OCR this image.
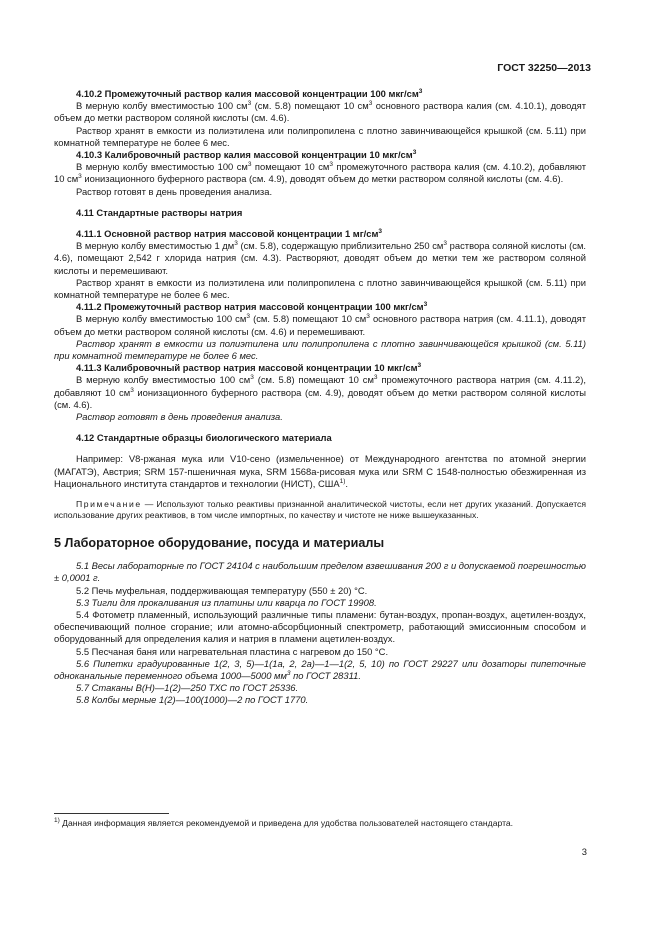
ГОСТ 32250—2013

4.10.2 Промежуточный раствор калия массовой концентрации 100 мкг/$см^3$

В мерную колбу вместимостью 100 $см^3$ (см. 5.8) помещают 10 $см^3$ основного раствора калия (см. 4.10.1), доводят объем до метки раствором соляной кислоты (см. 4.6).

Раствор хранят в емкости из полиэтилена или полипропилена с плотно завинчивающейся крышкой (см. 5.11) при комнатной температуре не более 6 мес.

4.10.3 Калибровочный раствор калия массовой концентрации 10 мкг/$см^3$

В мерную колбу вместимостью 100 $см^3$ помещают 10 $см^3$ промежуточного раствора калия (см. 4.10.2), добавляют 10 $см^3$ ионизационного буферного раствора (см. 4.9), доводят объем до метки раствором соляной кислоты (см. 4.6).

Раствор готовят в день проведения анализа.

4.11 Стандартные растворы натрия

4.11.1 Основной раствор натрия массовой концентрации 1 $мг/см^3$

В мерную колбу вместимостью 1 $дм^3$ (см. 5.8), содержащую приблизительно 250 $см^3$ раствора соляной кислоты (см. 4.6), помещают 2,542 г хлорида натрия (см. 4.3). Растворяют, доводят объем до метки тем же раствором соляной кислоты и перемешивают.

Раствор хранят в емкости из полиэтилена или полипропилена с плотно завинчивающейся крышкой (см. 5.11) при комнатной температуре не более 6 мес.

4.11.2 Промежуточный раствор натрия массовой концентрации 100 мкг/$см^3$

В мерную колбу вместимостью 100 $см^3$ (см. 5.8) помещают 10 $см^3$ основного раствора натрия (см. 4.11.1), доводят объем до метки раствором соляной кислоты (см. 4.6) и перемешивают.

Раствор хранят в емкости из полиэтилена или полипропилена с плотно завинчивающейся крышкой (см. 5.11) при комнатной температуре не более 6 мес.

4.11.3 Калибровочный раствор натрия массовой концентрации 10 мкг/$см^3$

В мерную колбу вместимостью 100 $см^3$ (см. 5.8) помещают 10 $см^3$ промежуточного раствора натрия (см. 4.11.2), добавляют 10 $см^3$ ионизационного буферного раствора (см. 4.9), доводят объем до метки раствором соляной кислоты (см. 4.6).

Раствор готовят в день проведения анализа.

4.12 Стандартные образцы биологического материала

Например: V8-ржаная мука или V10-сено (измельченное) от Международного агентства по атомной энергии (МАГАТЭ), Австрия; SRM 157-пшеничная мука, SRM 1568a-рисовая мука или SRM C 1548-полностью обезжиренная из Национального института стандартов и технологии (НИСТ), США$^{1)}$.

Примечание — Используют только реактивы признанной аналитической чистоты, если нет других указаний. Допускается использование других реактивов, в том числе импортных, по качеству и чистоте не ниже вышеуказанных.

5 Лабораторное оборудование, посуда и материалы

5.1 Весы лабораторные по ГОСТ 24104 с наибольшим пределом взвешивания 200 г и допускаемой погрешностью ± 0,0001 г.

5.2 Печь муфельная, поддерживающая температуру (550 ± 20) °С.

5.3 Тигли для прокаливания из платины или кварца по ГОСТ 19908.

5.4 Фотометр пламенный, использующий различные типы пламени: бутан-воздух, пропан-воздух, ацетилен-воздух, обеспечивающий полное сгорание; или атомно-абсорбционный спектрометр, работающий эмиссионным способом и оборудованный для определения калия и натрия в пламени ацетилен-воздух.

5.5 Песчаная баня или нагревательная пластина с нагревом до 150 °С.

5.6 Пипетки градуированные 1(2, 3, 5)—1(1а, 2, 2а)—1—1(2, 5, 10) по ГОСТ 29227 или дозаторы пипеточные одноканальные переменного объема 1000—5000 $мм^3$ по ГОСТ 28311.

5.7 Стаканы В(Н)—1(2)—250 ТХС по ГОСТ 25336.

5.8 Колбы мерные 1(2)—100(1000)—2 по ГОСТ 1770.

$^{1)}$ Данная информация является рекомендуемой и приведена для удобства пользователей настоящего стандарта.

3
